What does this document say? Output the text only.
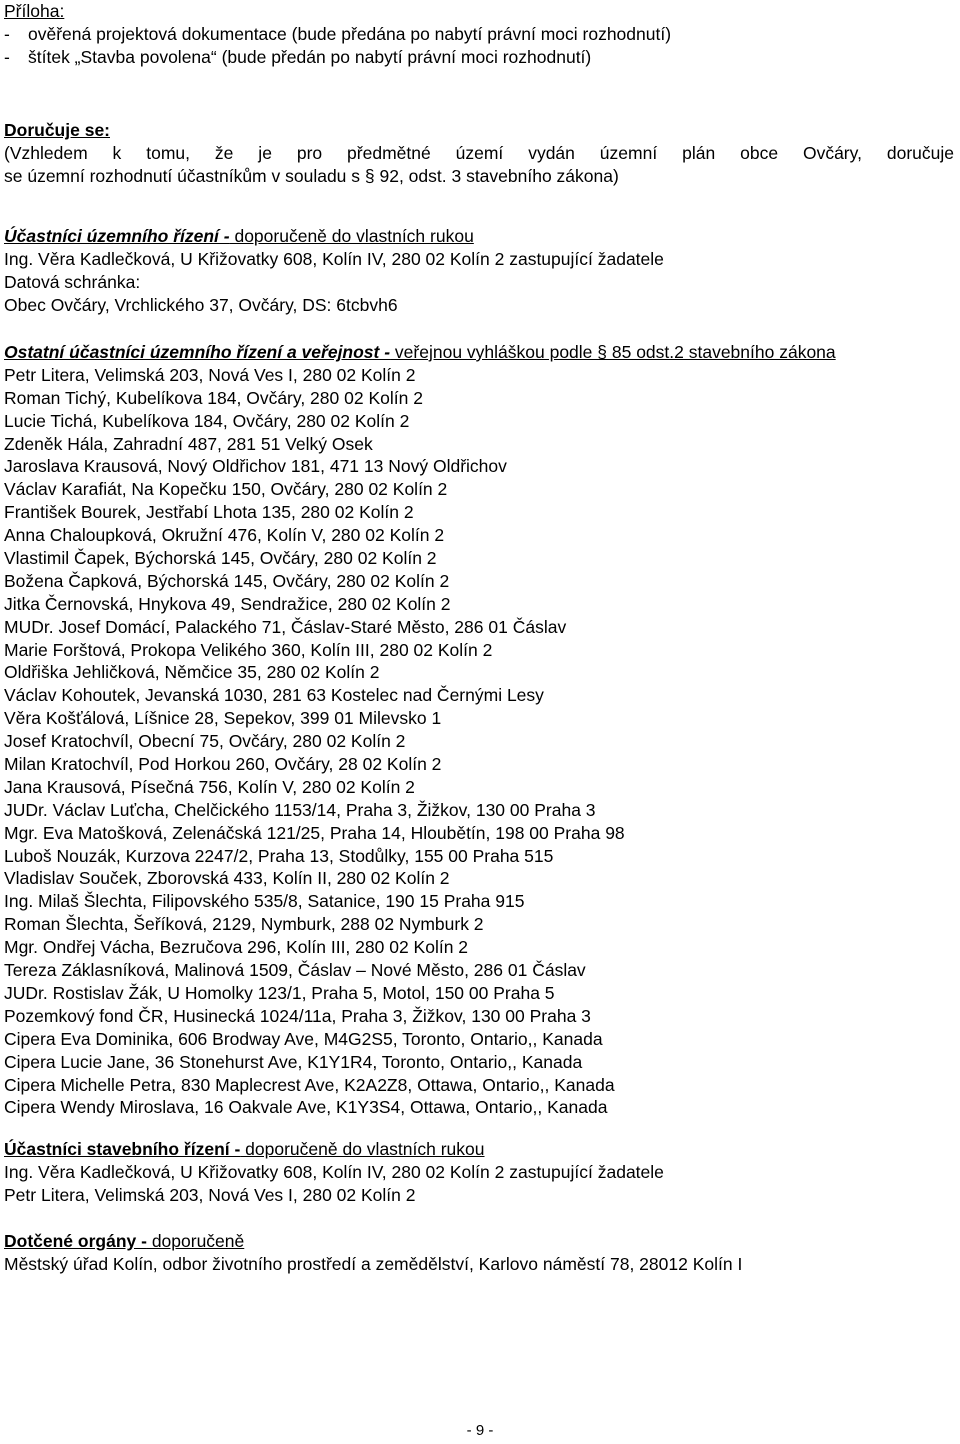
Příloha:
- ověřená projektová dokumentace (bude předána po nabytí právní moci rozhodnutí)
- štítek „Stavba povolena“ (bude předán po nabytí právní moci rozhodnutí)
Doručuje se:
(Vzhledem k tomu, že je pro předmětné území vydán územní plán obce Ovčáry, doručuje
se územní rozhodnutí účastníkům v souladu s § 92, odst. 3 stavebního zákona)
Účastníci územního řízení - doporučeně do vlastních rukou
Ing. Věra Kadlečková, U Křižovatky 608, Kolín IV, 280 02 Kolín 2 zastupující žadatele
Datová schránka:
Obec Ovčáry, Vrchlického 37, Ovčáry, DS: 6tcbvh6
Ostatní účastníci územního řízení a veřejnost - veřejnou vyhláškou podle § 85 odst.2 stavebního zákona
Petr Litera, Velimská 203, Nová Ves I, 280 02 Kolín 2
Roman Tichý, Kubelíkova 184, Ovčáry, 280 02 Kolín 2
Lucie Tichá, Kubelíkova 184, Ovčáry, 280 02 Kolín 2
Zdeněk Hála, Zahradní 487, 281 51 Velký Osek
Jaroslava Krausová, Nový Oldřichov 181, 471 13 Nový Oldřichov
Václav Karafiát, Na Kopečku 150, Ovčáry, 280 02 Kolín 2
František Bourek, Jestřabí Lhota 135, 280 02 Kolín 2
Anna Chaloupková, Okružní 476, Kolín V, 280 02 Kolín 2
Vlastimil Čapek, Býchorská 145, Ovčáry, 280 02 Kolín 2
Božena Čapková, Býchorská 145, Ovčáry, 280 02 Kolín 2
Jitka Černovská, Hnykova 49, Sendražice, 280 02 Kolín 2
MUDr. Josef Domácí, Palackého 71, Čáslav-Staré Město, 286 01 Čáslav
Marie Forštová, Prokopa Velikého 360, Kolín III, 280 02 Kolín 2
Oldřiška Jehličková, Němčice 35, 280 02 Kolín 2
Václav Kohoutek, Jevanská 1030, 281 63 Kostelec nad Černými Lesy
Věra Košťálová, Líšnice 28, Sepekov, 399 01 Milevsko 1
Josef Kratochvíl, Obecní 75, Ovčáry, 280 02 Kolín 2
Milan Kratochvíl, Pod Horkou 260, Ovčáry, 28 02 Kolín 2
Jana Krausová, Písečná 756, Kolín V, 280 02 Kolín 2
JUDr. Václav Luťcha, Chelčického 1153/14, Praha 3, Žižkov, 130 00 Praha 3
Mgr. Eva Matošková, Zelenáčská 121/25, Praha 14, Hloubětín, 198 00 Praha 98
Luboš Nouzák, Kurzova 2247/2, Praha 13, Stodůlky, 155 00 Praha 515
Vladislav Souček, Zborovská 433, Kolín II, 280 02 Kolín 2
Ing. Milaš Šlechta, Filipovského 535/8, Satanice, 190 15 Praha 915
Roman Šlechta, Šeříková, 2129, Nymburk, 288 02 Nymburk 2
Mgr. Ondřej Vácha, Bezručova 296, Kolín III, 280 02 Kolín 2
Tereza Záklasníková, Malinová 1509, Čáslav – Nové Město, 286 01 Čáslav
JUDr. Rostislav Žák, U Homolky 123/1, Praha 5, Motol, 150 00 Praha 5
Pozemkový fond ČR, Husinecká 1024/11a, Praha 3, Žižkov, 130 00 Praha 3
Cipera Eva Dominika, 606 Brodway Ave, M4G2S5, Toronto, Ontario,, Kanada
Cipera Lucie Jane, 36 Stonehurst Ave, K1Y1R4, Toronto, Ontario,, Kanada
Cipera Michelle Petra, 830 Maplecrest Ave, K2A2Z8, Ottawa, Ontario,, Kanada
Cipera Wendy Miroslava, 16 Oakvale Ave, K1Y3S4, Ottawa, Ontario,, Kanada
Účastníci stavebního řízení - doporučeně do vlastních rukou
Ing. Věra Kadlečková, U Křižovatky 608, Kolín IV, 280 02 Kolín 2 zastupující žadatele
Petr Litera, Velimská 203, Nová Ves I, 280 02 Kolín 2
Dotčené orgány - doporučeně
Městský úřad Kolín, odbor životního prostředí a zemědělství, Karlovo náměstí 78, 28012 Kolín I
- 9 -
